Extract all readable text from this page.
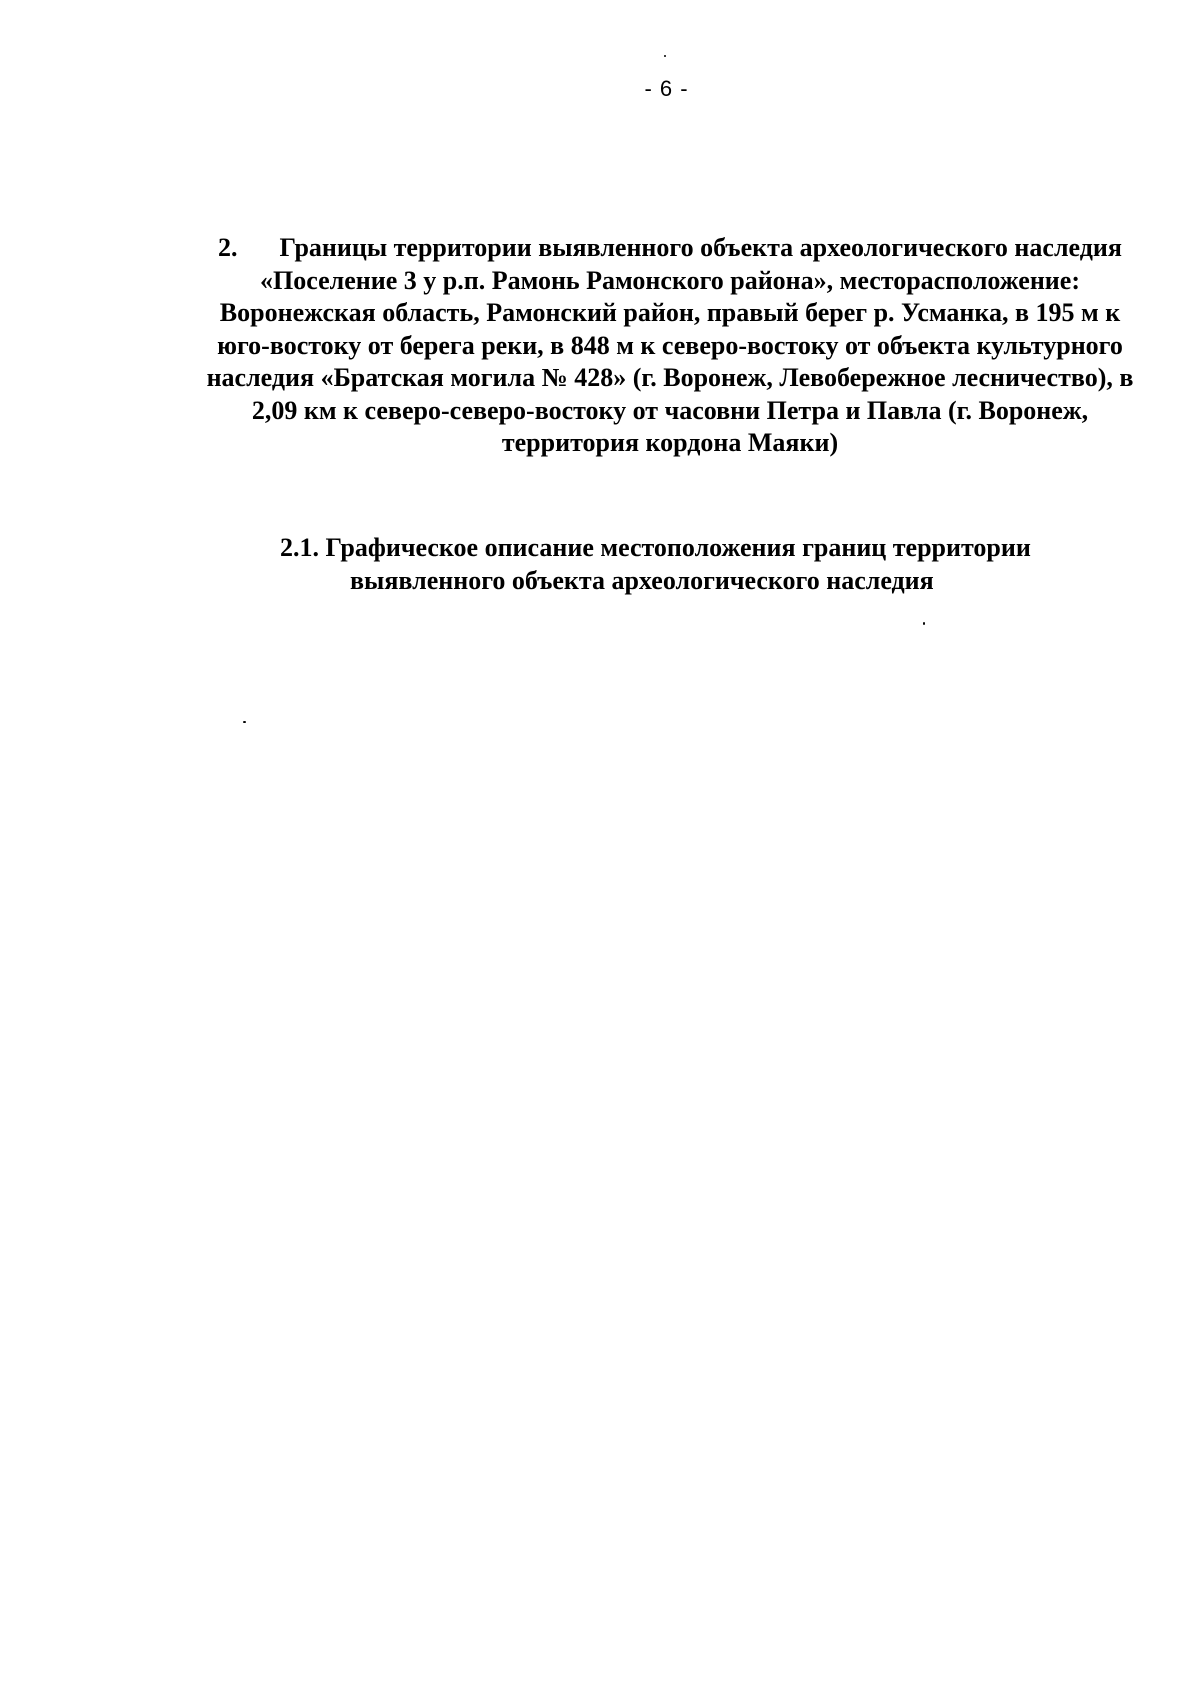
- 6 -
2. Границы территории выявленного объекта археологического наследия «Поселение 3 у р.п. Рамонь Рамонского района», месторасположение: Воронежская область, Рамонский район, правый берег р. Усманка, в 195 м к юго-востоку от берега реки, в 848 м к северо-востоку от объекта культурного наследия «Братская могила № 428» (г. Воронеж, Левобережное лесничество), в 2,09 км к северо-северо-востоку от часовни Петра и Павла (г. Воронеж, территория кордона Маяки)
2.1. Графическое описание местоположения границ территории
выявленного объекта археологического наследия
